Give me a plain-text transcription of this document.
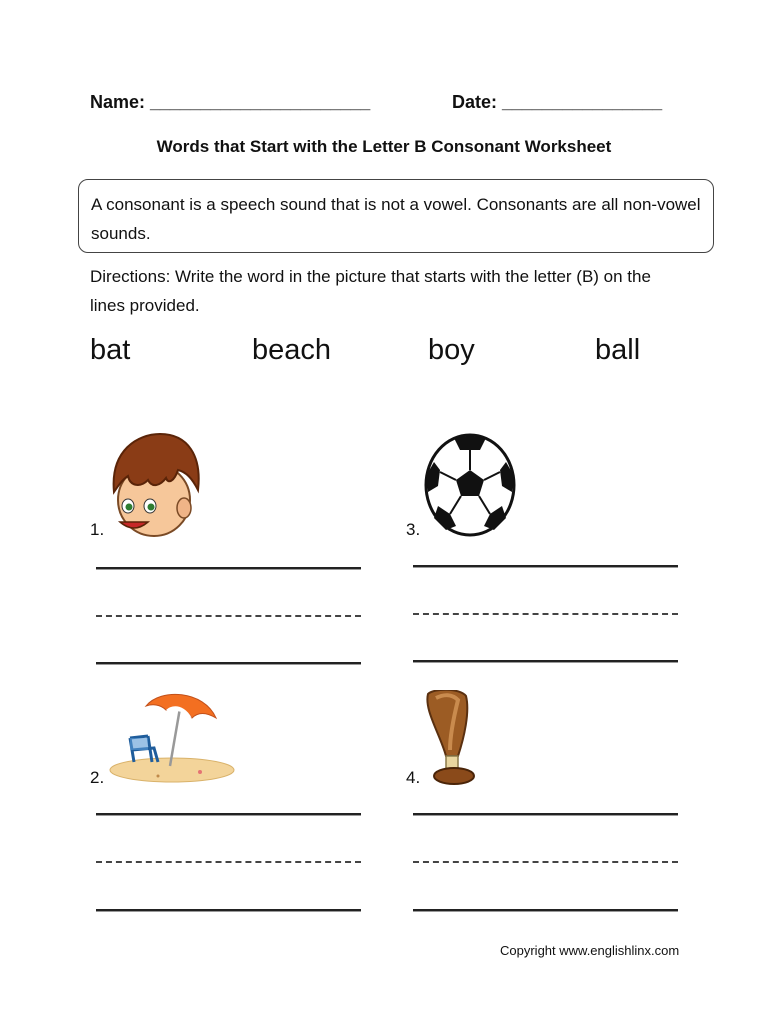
Name: ______________________	Date: ________________
Words that Start with the Letter B Consonant Worksheet
A consonant is a speech sound that is not a vowel. Consonants are all non-vowel sounds.
Directions: Write the word in the picture that starts with the letter (B) on the lines provided.
bat	beach	boy	ball
1.	3.
2.	4.
Copyright www.englishlinx.com
